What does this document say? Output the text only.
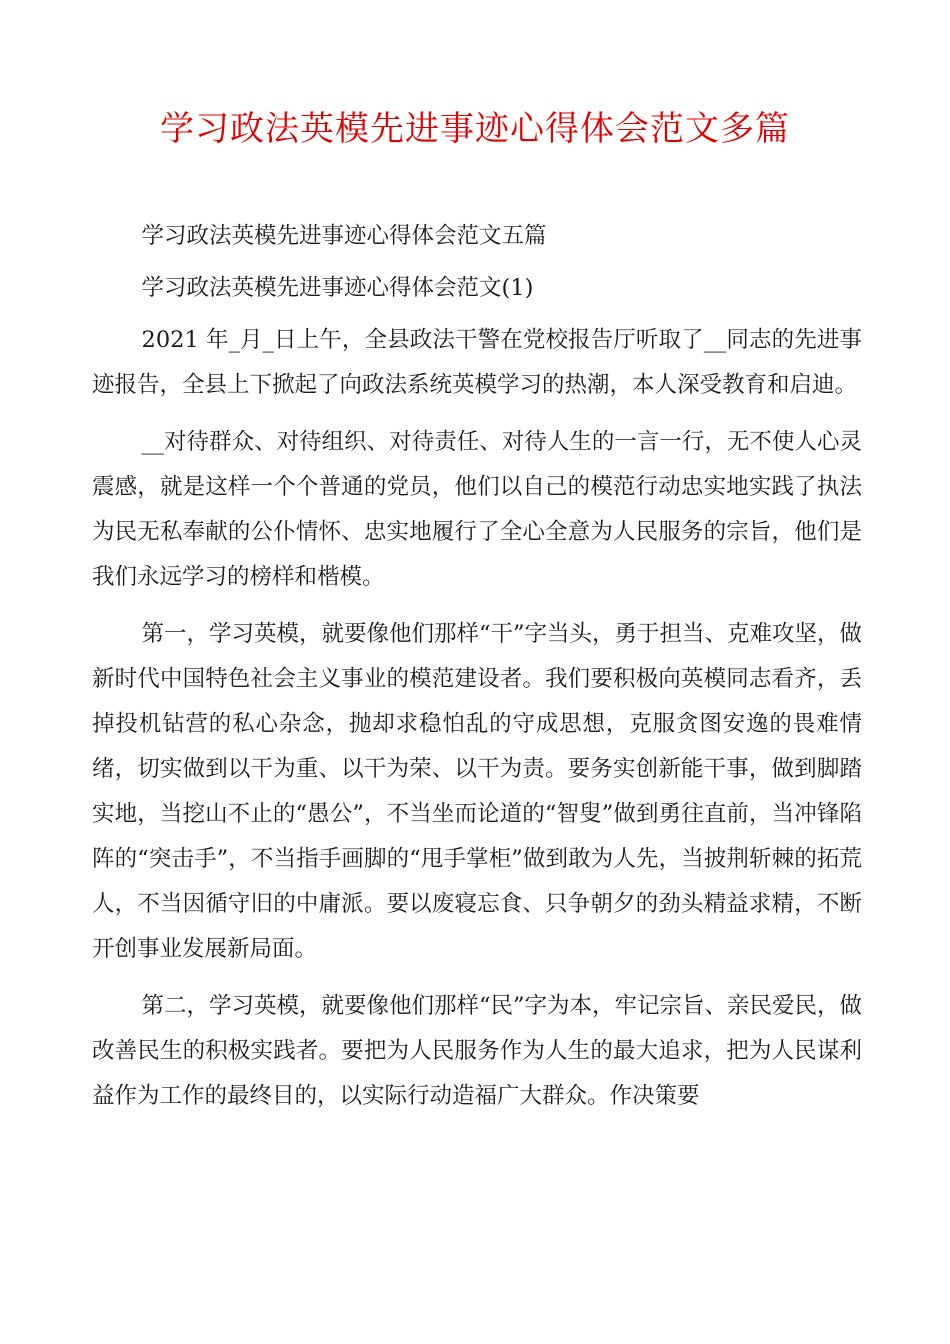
学习政法英模先进事迹心得体会范文多篇

学习政法英模先进事迹心得体会范文五篇

学习政法英模先进事迹心得体会范文(1)

2021 年_月_日上午，全县政法干警在党校报告厅听取了__同志的先进事迹报告，全县上下掀起了向政法系统英模学习的热潮，本人深受教育和启迪。

__对待群众、对待组织、对待责任、对待人生的一言一行，无不使人心灵震感，就是这样一个个普通的党员，他们以自己的模范行动忠实地实践了执法为民无私奉献的公仆情怀、忠实地履行了全心全意为人民服务的宗旨，他们是我们永远学习的榜样和楷模。

第一，学习英模，就要像他们那样“干”字当头，勇于担当、克难攻坚，做新时代中国特色社会主义事业的模范建设者。我们要积极向英模同志看齐，丢掉投机钻营的私心杂念，抛却求稳怕乱的守成思想，克服贪图安逸的畏难情绪，切实做到以干为重、以干为荣、以干为责。要务实创新能干事，做到脚踏实地，当挖山不止的“愚公”，不当坐而论道的“智叟”做到勇往直前，当冲锋陷阵的“突击手”，不当指手画脚的“甩手掌柜”做到敢为人先，当披荆斩棘的拓荒人，不当因循守旧的中庸派。要以废寝忘食、只争朝夕的劲头精益求精，不断开创事业发展新局面。

第二，学习英模，就要像他们那样“民”字为本，牢记宗旨、亲民爱民，做改善民生的积极实践者。要把为人民服务作为人生的最大追求，把为人民谋利益作为工作的最终目的，以实际行动造福广大群众。作决策要
